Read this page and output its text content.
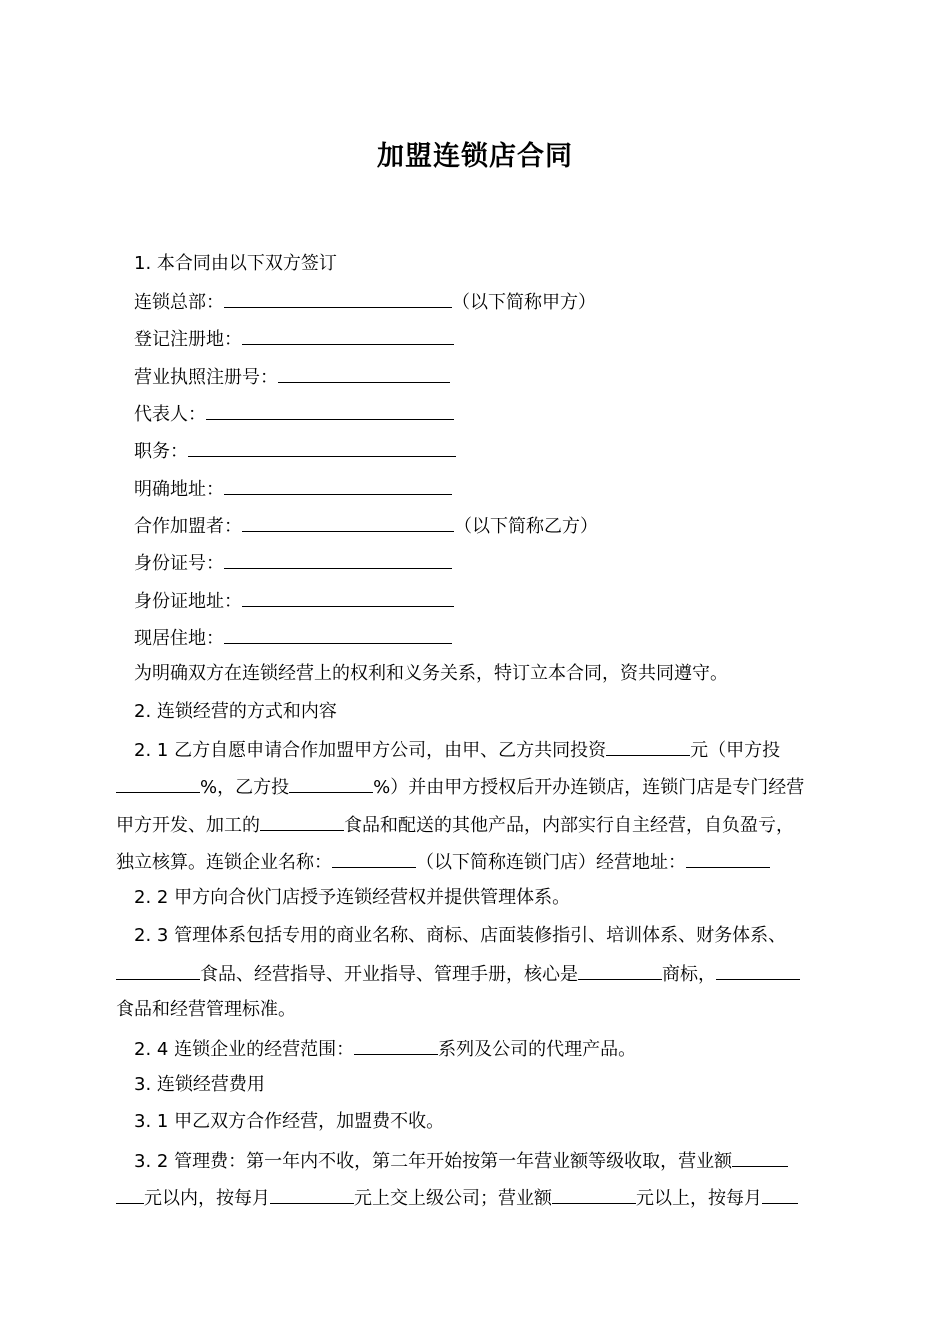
加盟连锁店合同
1. 本合同由以下双方签订
连锁总部：	（以下简称甲方）
登记注册地：
营业执照注册号：
代表人：
职务：
明确地址：
合作加盟者：	（以下简称乙方）
身份证号：
身份证地址：
现居住地：
为明确双方在连锁经营上的权利和义务关系，特订立本合同，资共同遵守。
2. 连锁经营的方式和内容
2. 1 乙方自愿申请合作加盟甲方公司，由甲、乙方共同投资	元（甲方投
%，乙方投	%）并由甲方授权后开办连锁店，连锁门店是专门经营
甲方开发、加工的	食品和配送的其他产品，内部实行自主经营，自负盈亏，
独立核算。连锁企业名称：	（以下简称连锁门店）经营地址：
2. 2 甲方向合伙门店授予连锁经营权并提供管理体系。
2. 3 管理体系包括专用的商业名称、商标、店面装修指引、培训体系、财务体系、
食品、经营指导、开业指导、管理手册，核心是	商标，
食品和经营管理标准。
2. 4 连锁企业的经营范围：	系列及公司的代理产品。
3. 连锁经营费用
3. 1 甲乙双方合作经营，加盟费不收。
3. 2 管理费：第一年内不收，第二年开始按第一年营业额等级收取，营业额
元以内，按每月	元上交上级公司；营业额	元以上，按每月
